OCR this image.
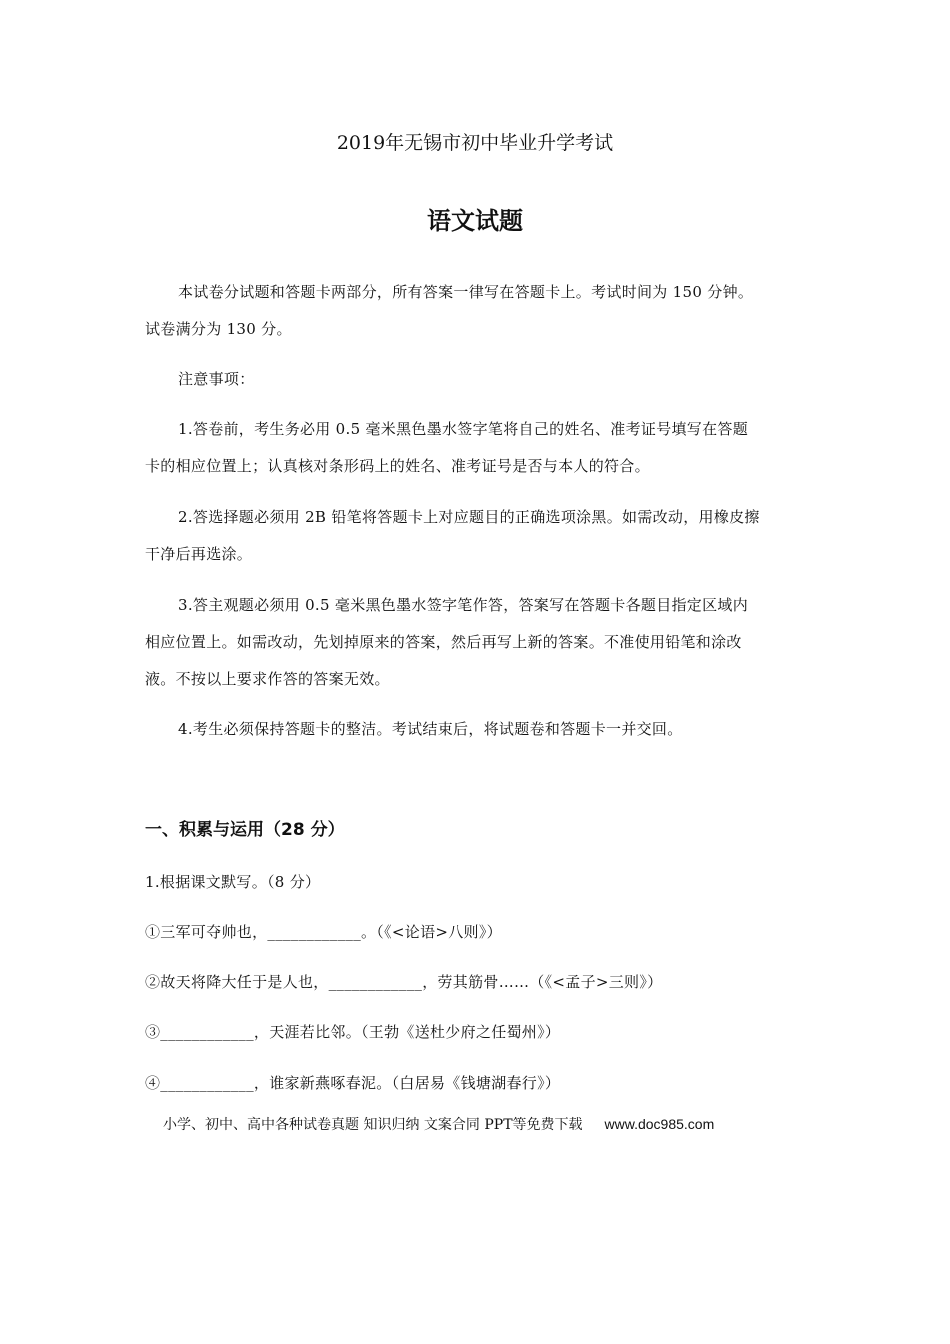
2019年无锡市初中毕业升学考试
语文试题
本试卷分试题和答题卡两部分，所有答案一律写在答题卡上。考试时间为 150 分钟。
试卷满分为 130 分。
注意事项：
1.答卷前，考生务必用 0.5 毫米黑色墨水签字笔将自己的姓名、准考证号填写在答题
卡的相应位置上；认真核对条形码上的姓名、准考证号是否与本人的符合。
2.答选择题必须用 2B 铅笔将答题卡上对应题目的正确选项涂黑。如需改动，用橡皮擦
干净后再选涂。
3.答主观题必须用 0.5 毫米黑色墨水签字笔作答，答案写在答题卡各题目指定区域内
相应位置上。如需改动，先划掉原来的答案，然后再写上新的答案。不准使用铅笔和涂改
液。不按以上要求作答的答案无效。
4.考生必须保持答题卡的整洁。考试结束后，将试题卷和答题卡一并交回。
一、积累与运用（28 分）
1.根据课文默写。（8 分）
①三军可夺帅也，____________。（《<论语>八则》）
②故天将降大任于是人也，____________，劳其筋骨……（《<孟子>三则》）
③____________，天涯若比邻。（王勃《送杜少府之任蜀州》）
④____________，谁家新燕啄春泥。（白居易《钱塘湖春行》）
小学、初中、高中各种试卷真题 知识归纳 文案合同 PPT等免费下载 www.doc985.com
